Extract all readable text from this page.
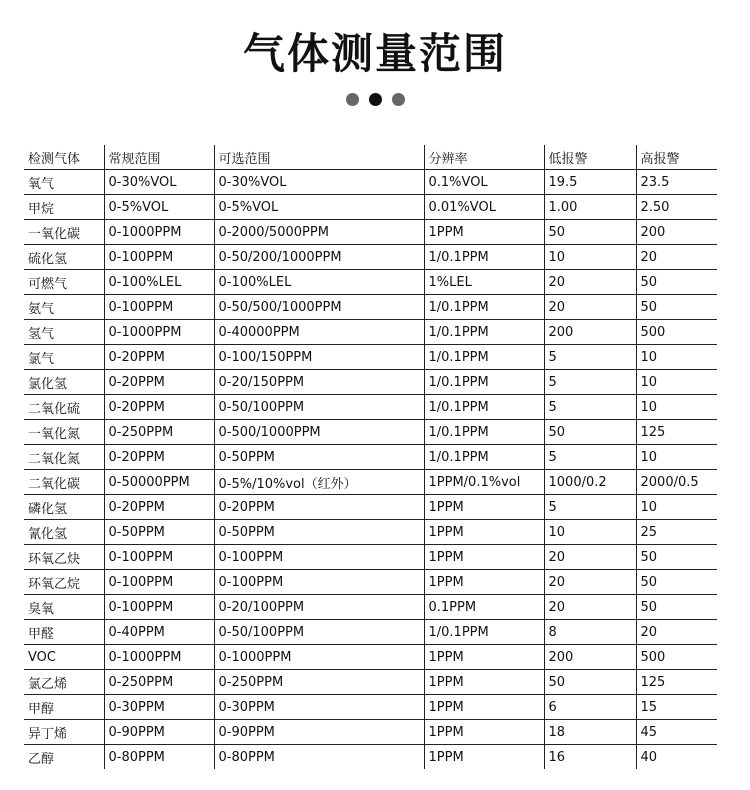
气体测量范围
检测气体	常规范围	可选范围	分辨率	低报警	高报警
氧气	0-30%VOL	0-30%VOL	0.1%VOL	19.5	23.5
甲烷	0-5%VOL	0-5%VOL	0.01%VOL	1.00	2.50
一氧化碳	0-1000PPM	0-2000/5000PPM	1PPM	50	200
硫化氢	0-100PPM	0-50/200/1000PPM	1/0.1PPM	10	20
可燃气	0-100%LEL	0-100%LEL	1%LEL	20	50
氨气	0-100PPM	0-50/500/1000PPM	1/0.1PPM	20	50
氢气	0-1000PPM	0-40000PPM	1/0.1PPM	200	500
氯气	0-20PPM	0-100/150PPM	1/0.1PPM	5	10
氯化氢	0-20PPM	0-20/150PPM	1/0.1PPM	5	10
二氧化硫	0-20PPM	0-50/100PPM	1/0.1PPM	5	10
一氧化氮	0-250PPM	0-500/1000PPM	1/0.1PPM	50	125
二氧化氮	0-20PPM	0-50PPM	1/0.1PPM	5	10
二氧化碳	0-50000PPM	0-5%/10%vol（红外）	1PPM/0.1%vol	1000/0.2	2000/0.5
磷化氢	0-20PPM	0-20PPM	1PPM	5	10
氰化氢	0-50PPM	0-50PPM	1PPM	10	25
环氧乙炔	0-100PPM	0-100PPM	1PPM	20	50
环氧乙烷	0-100PPM	0-100PPM	1PPM	20	50
臭氧	0-100PPM	0-20/100PPM	0.1PPM	20	50
甲醛	0-40PPM	0-50/100PPM	1/0.1PPM	8	20
VOC	0-1000PPM	0-1000PPM	1PPM	200	500
氯乙烯	0-250PPM	0-250PPM	1PPM	50	125
甲醇	0-30PPM	0-30PPM	1PPM	6	15
异丁烯	0-90PPM	0-90PPM	1PPM	18	45
乙醇	0-80PPM	0-80PPM	1PPM	16	40
